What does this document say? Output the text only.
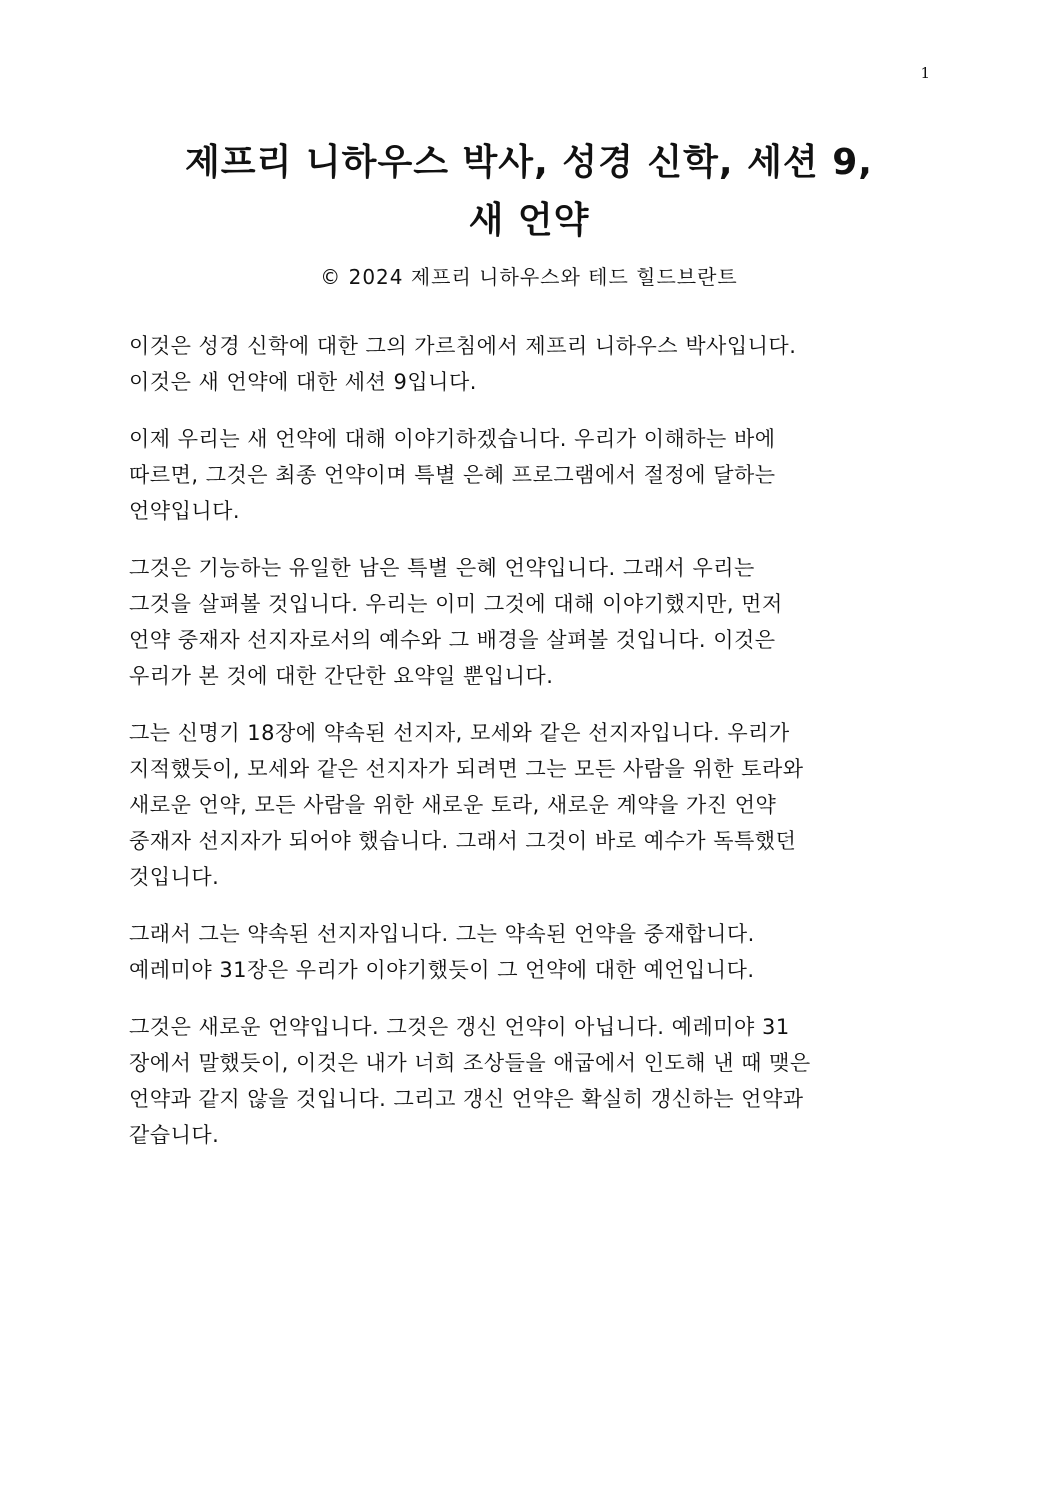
1
제프리 니하우스 박사, 성경 신학, 세션 9,
새 언약
© 2024 제프리 니하우스와 테드 힐드브란트

이것은 성경 신학에 대한 그의 가르침에서 제프리 니하우스 박사입니다.
이것은 새 언약에 대한 세션 9입니다.

이제 우리는 새 언약에 대해 이야기하겠습니다. 우리가 이해하는 바에
따르면, 그것은 최종 언약이며 특별 은혜 프로그램에서 절정에 달하는
언약입니다.

그것은 기능하는 유일한 남은 특별 은혜 언약입니다. 그래서 우리는
그것을 살펴볼 것입니다. 우리는 이미 그것에 대해 이야기했지만, 먼저
언약 중재자 선지자로서의 예수와 그 배경을 살펴볼 것입니다. 이것은
우리가 본 것에 대한 간단한 요약일 뿐입니다.

그는 신명기 18장에 약속된 선지자, 모세와 같은 선지자입니다. 우리가
지적했듯이, 모세와 같은 선지자가 되려면 그는 모든 사람을 위한 토라와
새로운 언약, 모든 사람을 위한 새로운 토라, 새로운 계약을 가진 언약
중재자 선지자가 되어야 했습니다. 그래서 그것이 바로 예수가 독특했던
것입니다.

그래서 그는 약속된 선지자입니다. 그는 약속된 언약을 중재합니다.
예레미야 31장은 우리가 이야기했듯이 그 언약에 대한 예언입니다.

그것은 새로운 언약입니다. 그것은 갱신 언약이 아닙니다. 예레미야 31
장에서 말했듯이, 이것은 내가 너희 조상들을 애굽에서 인도해 낸 때 맺은
언약과 같지 않을 것입니다. 그리고 갱신 언약은 확실히 갱신하는 언약과
같습니다.
